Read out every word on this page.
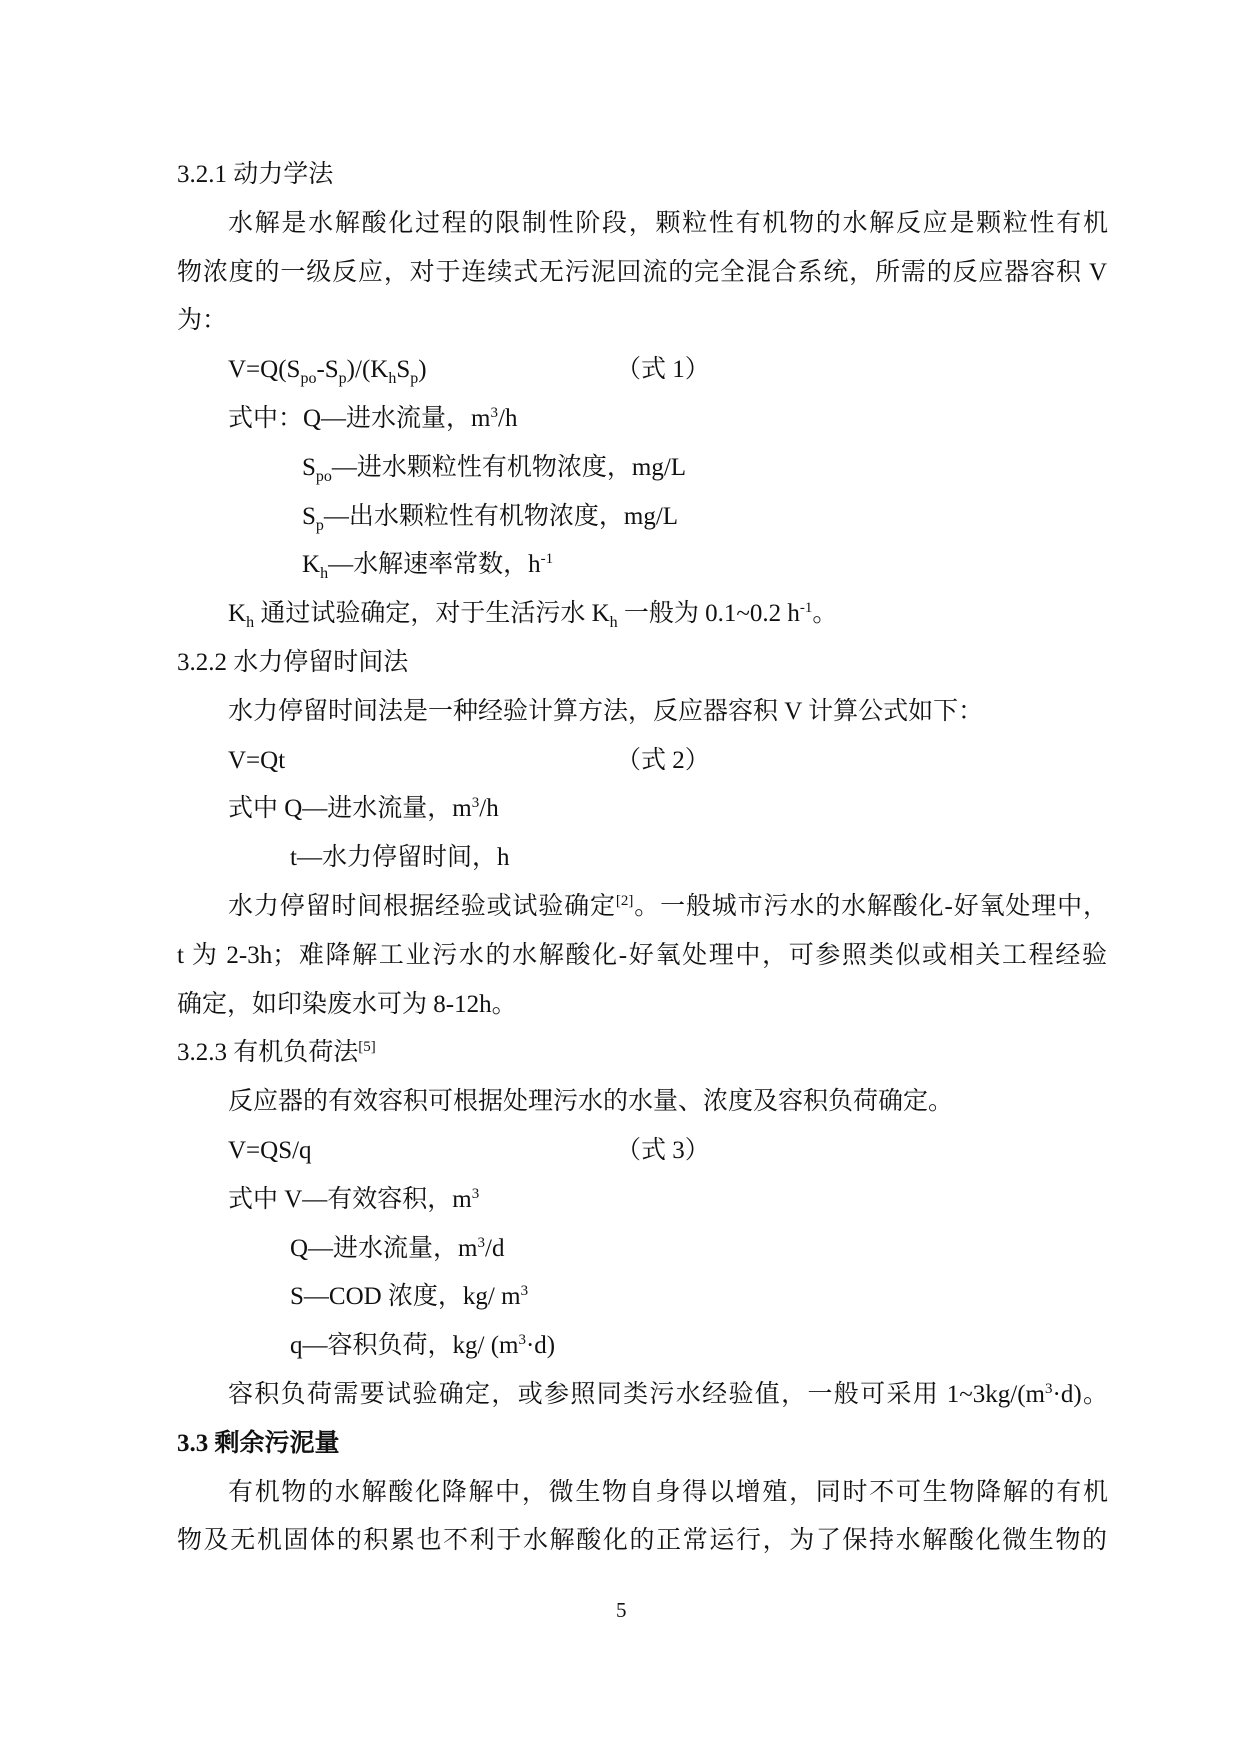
3.2.1 动力学法
水解是水解酸化过程的限制性阶段，颗粒性有机物的水解反应是颗粒性有机
物浓度的一级反应，对于连续式无污泥回流的完全混合系统，所需的反应器容积 V
为：
$V=Q(S_{po}-S_p)/(K_hS_p)$	（式 1）
式中：Q—进水流量，$m^3/h$
$S_{po}—$进水颗粒性有机物浓度，mg/L
$S_p—$出水颗粒性有机物浓度，mg/L
$K_h—$水解速率常数，$h^{-1}$
$K_h$ 通过试验确定，对于生活污水 $K_h$ 一般为 0.1~0.2 $h^{-1}$。
3.2.2 水力停留时间法
水力停留时间法是一种经验计算方法，反应器容积 V 计算公式如下：
V=Qt	（式 2）
式中 Q—进水流量，$m^3/h$
t—水力停留时间，h
水力停留时间根据经验或试验确定[2]。一般城市污水的水解酸化-好氧处理中，
t 为 2-3h；难降解工业污水的水解酸化-好氧处理中，可参照类似或相关工程经验
确定，如印染废水可为 8-12h。
3.2.3 有机负荷法[5]
反应器的有效容积可根据处理污水的水量、浓度及容积负荷确定。
V=QS/q	（式 3）
式中 V—有效容积，$m^3$
Q—进水流量，$m^3/d$
S—COD 浓度，kg/ $m^3$
q—容积负荷，kg/ $(m^3\cdot d)$
容积负荷需要试验确定，或参照同类污水经验值，一般可采用 $1\sim 3kg/(m^3\cdot d)$。
3.3 剩余污泥量
有机物的水解酸化降解中，微生物自身得以增殖，同时不可生物降解的有机
物及无机固体的积累也不利于水解酸化的正常运行，为了保持水解酸化微生物的
5
